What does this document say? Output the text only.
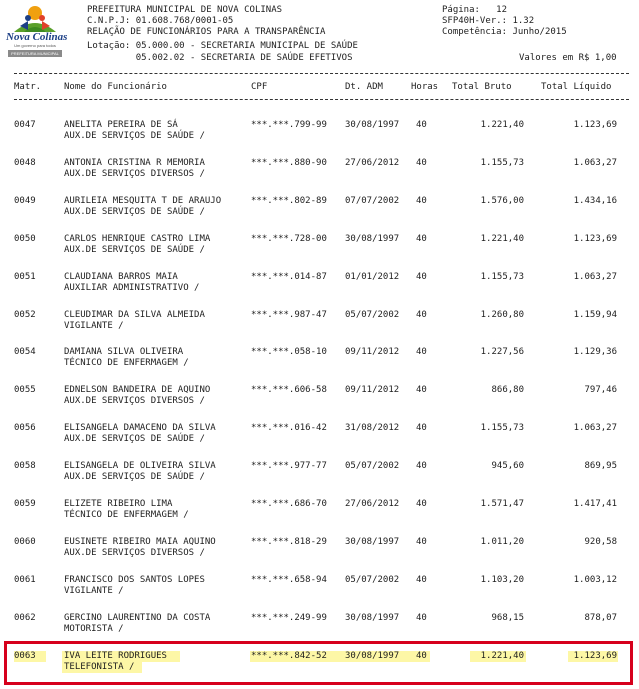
Nova Colinas
Um governo para todos
PREFEITURA MUNICIPAL
PREFEITURA MUNICIPAL DE NOVA COLINAS
C.N.P.J: 01.608.768/0001-05
RELAÇÃO DE FUNCIONÁRIOS PARA A TRANSPARÊNCIA
Lotação: 05.000.00 - SECRETARIA MUNICIPAL DE SAÚDE
05.002.02 - SECRETARIA DE SAÚDE EFETIVOS
Página:   12
SFP40H-Ver.: 1.32
Competência: Junho/2015
Valores em R$ 1,00
Matr.	Nome do Funcionário	CPF	Dt. ADM	Horas Total Bruto	Total Líquido
0047	ANELITA PEREIRA DE SÁ	***.***.799-99 30/08/1997 40	1.221,40	1.123,69
AUX.DE SERVIÇOS DE SAÚDE /
0048	ANTONIA CRISTINA R MEMORIA	***.***.880-90 27/06/2012 40	1.155,73	1.063,27
AUX.DE SERVIÇOS DIVERSOS /
0049	AURILEIA MESQUITA T DE ARAUJO	***.***.802-89 07/07/2002 40	1.576,00	1.434,16
AUX.DE SERVIÇOS DE SAÚDE /
0050	CARLOS HENRIQUE CASTRO LIMA	***.***.728-00 30/08/1997 40	1.221,40	1.123,69
AUX.DE SERVIÇOS DE SAÚDE /
0051	CLAUDIANA BARROS MAIA	***.***.014-87 01/01/2012 40	1.155,73	1.063,27
AUXILIAR ADMINISTRATIVO /
0052	CLEUDIMAR DA SILVA ALMEIDA	***.***.987-47 05/07/2002 40	1.260,80	1.159,94
VIGILANTE /
0054	DAMIANA SILVA OLIVEIRA	***.***.058-10 09/11/2012 40	1.227,56	1.129,36
TÉCNICO DE ENFERMAGEM /
0055	EDNELSON BANDEIRA DE AQUINO	***.***.606-58 09/11/2012 40	866,80	797,46
AUX.DE SERVIÇOS DIVERSOS /
0056	ELISANGELA DAMACENO DA SILVA	***.***.016-42 31/08/2012 40	1.155,73	1.063,27
AUX.DE SERVIÇOS DE SAÚDE /
0058	ELISANGELA DE OLIVEIRA SILVA	***.***.977-77 05/07/2002 40	945,60	869,95
AUX.DE SERVIÇOS DE SAÚDE /
0059	ELIZETE RIBEIRO LIMA	***.***.686-70 27/06/2012 40	1.571,47	1.417,41
TÉCNICO DE ENFERMAGEM /
0060	EUSINETE RIBEIRO MAIA AQUINO	***.***.818-29 30/08/1997 40	1.011,20	920,58
AUX.DE SERVIÇOS DIVERSOS /
0061	FRANCISCO DOS SANTOS LOPES	***.***.658-94 05/07/2002 40	1.103,20	1.003,12
VIGILANTE /
0062	GERCINO LAURENTINO DA COSTA	***.***.249-99 30/08/1997 40	968,15	878,07
MOTORISTA /
0063	IVA LEITE RODRIGUES	***.***.842-52 30/08/1997 40	1.221,40	1.123,69
TELEFONISTA /
